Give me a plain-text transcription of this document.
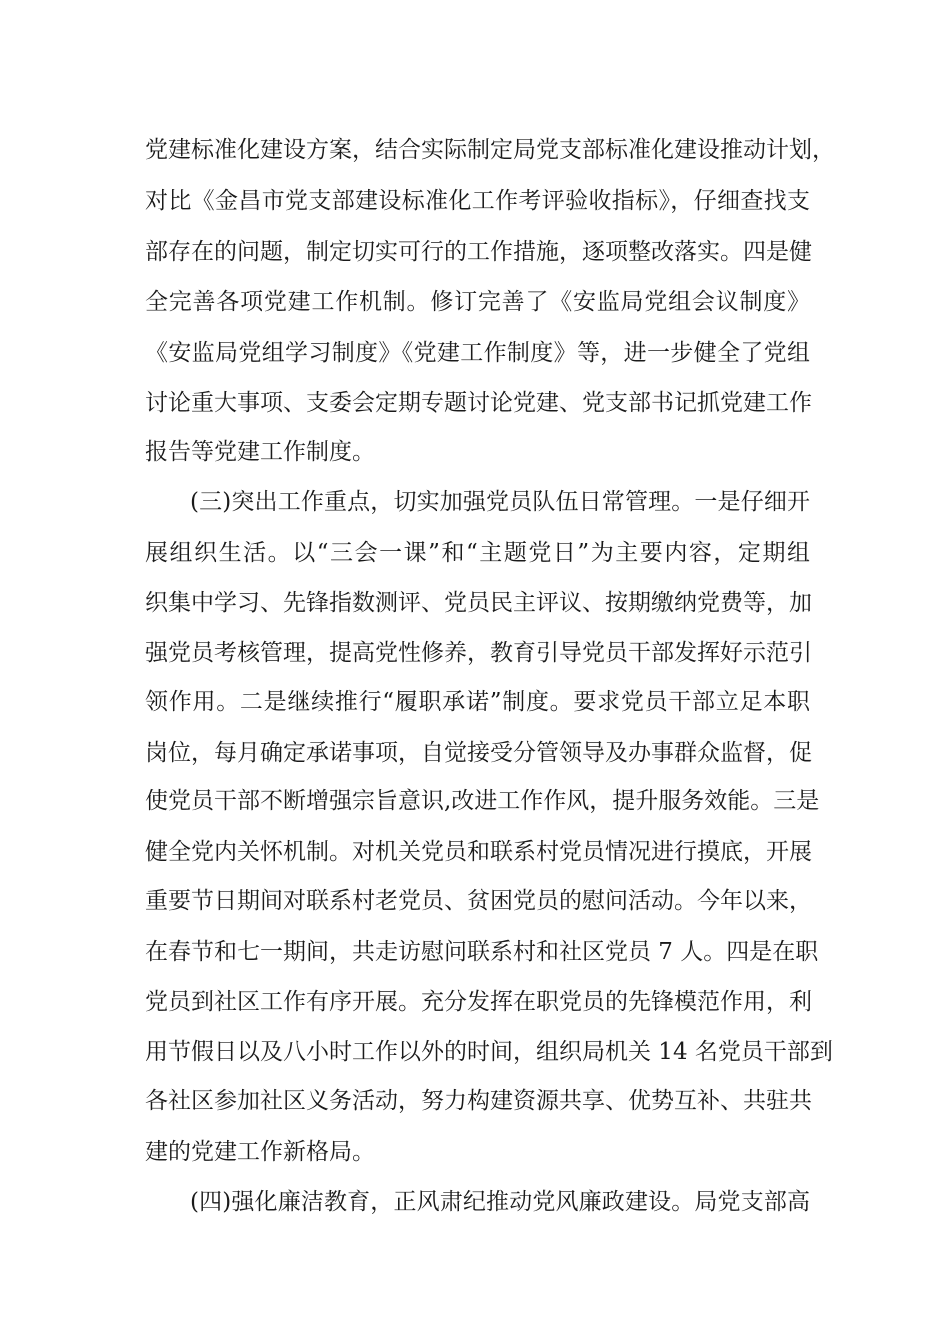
党建标准化建设方案，结合实际制定局党支部标准化建设推动计划，
对比《金昌市党支部建设标准化工作考评验收指标》，仔细查找支
部存在的问题，制定切实可行的工作措施，逐项整改落实。四是健
全完善各项党建工作机制。修订完善了《安监局党组会议制度》
《安监局党组学习制度》《党建工作制度》等，进一步健全了党组
讨论重大事项、支委会定期专题讨论党建、党支部书记抓党建工作
报告等党建工作制度。
(三)突出工作重点，切实加强党员队伍日常管理。一是仔细开
展组织生活。以“三会一课”和“主题党日”为主要内容，定期组
织集中学习、先锋指数测评、党员民主评议、按期缴纳党费等，加
强党员考核管理，提高党性修养，教育引导党员干部发挥好示范引
领作用。二是继续推行“履职承诺”制度。要求党员干部立足本职
岗位，每月确定承诺事项，自觉接受分管领导及办事群众监督，促
使党员干部不断增强宗旨意识,改进工作作风，提升服务效能。三是
健全党内关怀机制。对机关党员和联系村党员情况进行摸底，开展
重要节日期间对联系村老党员、贫困党员的慰问活动。今年以来，
在春节和七一期间，共走访慰问联系村和社区党员 7 人。四是在职
党员到社区工作有序开展。充分发挥在职党员的先锋模范作用，利
用节假日以及八小时工作以外的时间，组织局机关 14 名党员干部到
各社区参加社区义务活动，努力构建资源共享、优势互补、共驻共
建的党建工作新格局。
(四)强化廉洁教育，正风肃纪推动党风廉政建设。局党支部高
